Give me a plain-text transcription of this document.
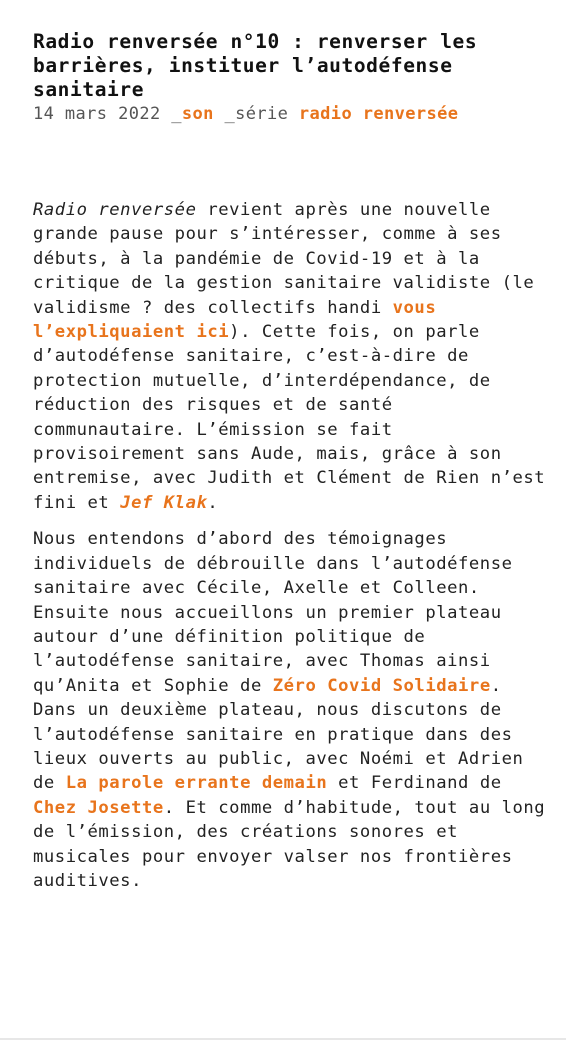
Radio renversée n°10 : renverser les barrières, instituer l’autodéfense sanitaire
14 mars 2022 _son _série radio renversée

Radio renversée revient après une nouvelle grande pause pour s’intéresser, comme à ses débuts, à la pandémie de Covid-19 et à la critique de la gestion sanitaire validiste (le validisme ? des collectifs handi vous l’expliquaient ici). Cette fois, on parle d’autodéfense sanitaire, c’est-à-dire de protection mutuelle, d’interdépendance, de réduction des risques et de santé communautaire. L’émission se fait provisoirement sans Aude, mais, grâce à son entremise, avec Judith et Clément de Rien n’est fini et Jef Klak.

Nous entendons d’abord des témoignages individuels de débrouille dans l’autodéfense sanitaire avec Cécile, Axelle et Colleen. Ensuite nous accueillons un premier plateau autour d’une définition politique de l’autodéfense sanitaire, avec Thomas ainsi qu’Anita et Sophie de Zéro Covid Solidaire. Dans un deuxième plateau, nous discutons de l’autodéfense sanitaire en pratique dans des lieux ouverts au public, avec Noémi et Adrien de La parole errante demain et Ferdinand de Chez Josette. Et comme d’habitude, tout au long de l’émission, des créations sonores et musicales pour envoyer valser nos frontières auditives.
